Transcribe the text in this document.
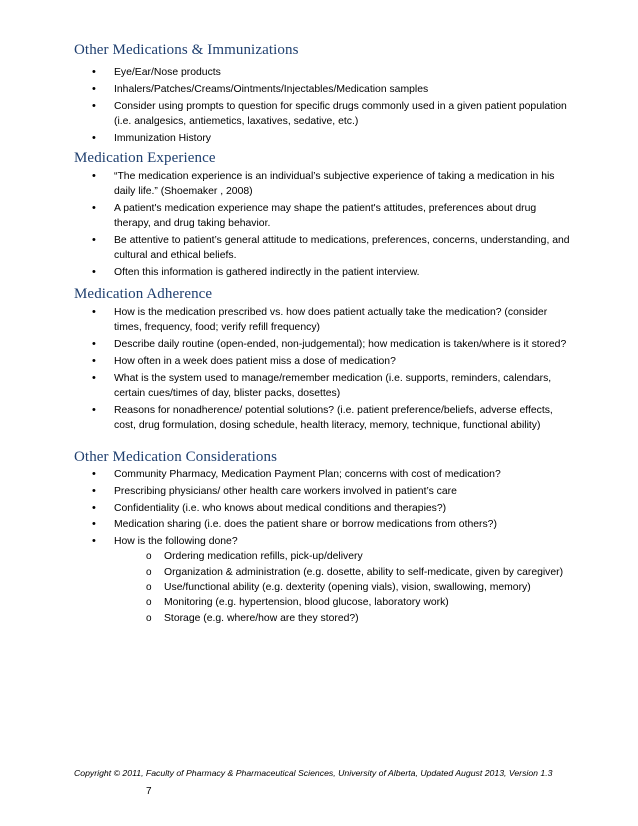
Other Medications & Immunizations
• Eye/Ear/Nose products
• Inhalers/Patches/Creams/Ointments/Injectables/Medication samples
• Consider using prompts to question for specific drugs commonly used in a given patient population (i.e. analgesics, antiemetics, laxatives, sedative, etc.)
• Immunization History
Medication Experience
• “The medication experience is an individual’s subjective experience of taking a medication in his daily life.” (Shoemaker , 2008)
• A patient's medication experience may shape the patient's attitudes, preferences about drug therapy, and drug taking behavior.
• Be attentive to patient’s general attitude to medications, preferences, concerns, understanding, and cultural and ethical beliefs.
• Often this information is gathered indirectly in the patient interview.
Medication Adherence
• How is the medication prescribed vs. how does patient actually take the medication? (consider times, frequency, food; verify refill frequency)
• Describe daily routine (open-ended, non-judgemental); how medication is taken/where is it stored?
• How often in a week does patient miss a dose of medication?
• What is the system used to manage/remember medication (i.e. supports, reminders, calendars, certain cues/times of day, blister packs, dosettes)
• Reasons for nonadherence/ potential solutions? (i.e. patient preference/beliefs, adverse effects, cost, drug formulation, dosing schedule, health literacy, memory, technique, functional ability)
Other Medication Considerations
• Community Pharmacy, Medication Payment Plan; concerns with cost of medication?
• Prescribing physicians/ other health care workers involved in patient’s care
• Confidentiality (i.e. who knows about medical conditions and therapies?)
• Medication sharing (i.e. does the patient share or borrow medications from others?)
• How is the following done?
o Ordering medication refills, pick-up/delivery
o Organization & administration (e.g. dosette, ability to self-medicate, given by caregiver)
o Use/functional ability (e.g. dexterity (opening vials), vision, swallowing, memory)
o Monitoring (e.g. hypertension, blood glucose, laboratory work)
o Storage (e.g. where/how are they stored?)
Copyright © 2011, Faculty of Pharmacy & Pharmaceutical Sciences, University of Alberta, Updated August 2013, Version 1.3
7
